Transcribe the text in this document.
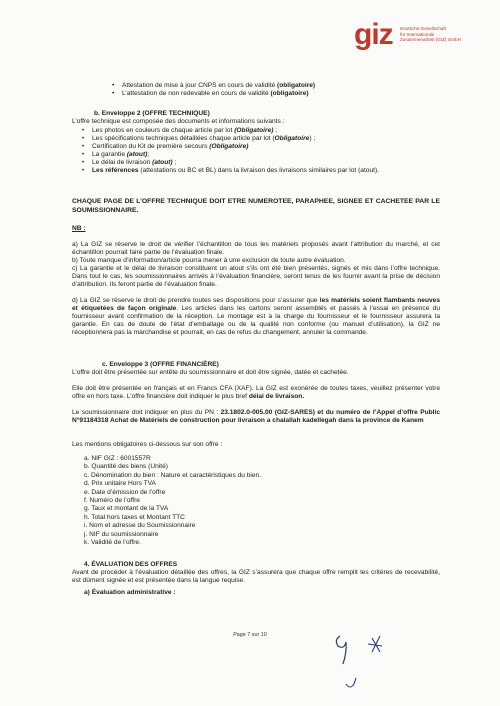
giz Deutsche Gesellschaft
für Internationale
Zusammenarbeit (GIZ) GmbH
• Attestation de mise à jour CNPS en cours de validité (obligatoire)
• L’attestation de non redevable en cours de validité (obligatoire)
b. Enveloppe 2 (OFFRE TECHNIQUE)
L’offre technique est composée des documents et informations suivants :
• Les photos en couleurs de chaque article par lot (Obligatoire) ;
• Les spécifications techniques détaillées chaque article par lot (Obligatoire) ;
• Certification du Kit de première secours (Obligatoire)
• La garantie (atout);
• Le délai de livraison (atout) ;
• Les références (attestations ou BC et BL) dans la livraison des livraisons similaires par lot (atout).
CHAQUE PAGE DE L’OFFRE TECHNIQUE DOIT ETRE NUMEROTEE, PARAPHEE, SIGNEE ET CACHETEE PAR LE SOUMISSIONNAIRE.
NB :
a) La GIZ se réserve le droit de vérifier l’échantillon de tous les matériels proposés avant l’attribution du marché, et cet échantillon pourrait faire partie de l’évaluation finale.
b) Toute manque d’information/article pourra mener à une exclusion de toute autre évaluation.
c) La garantie et le délai de livraison constituent un atout s’ils ont été bien présentés, signés et mis dans l’offre technique. Dans tout le cas, les soumissionnaires arrivés à l’évaluation financière, seront tenus de les fournir avant la prise de décision d’attribution. Ils feront partie de l’évaluation finale.
d) La GIZ se réserve le droit de prendre toutes ses dispositions pour s’assurer que les matériels soient flambants neuves et étiquetées de façon originale. Les articles dans les cartons seront assemblés et passés à l’essai en présence du fournisseur avant confirmation de la réception. Le montage est à la charge du fournisseur et le fournisseur assurera la garantie. En cas de doute de l’état d’emballage ou de la qualité non conforme (ou manuel d’utilisation), la GIZ ne réceptionnera pas la marchandise et pourrait, en cas de refus du changement, annuler la commande.
c. Enveloppe 3 (OFFRE FINANCIÈRE)
L’offre doit être présentée sur entête du soumissionnaire et doit être signée, datée et cachetée.
Elle doit être présentée en français et en Francs CFA (XAF). La GIZ est exonérée de toutes taxes, veuillez présenter votre offre en hors taxe. L’offre financière doit indiquer le plus bref délai de livraison.
Le soumissionnaire doit indiquer en plus du PN : 23.1802.0-005.00 (GIZ-SARES) et du numéro de l’Appel d’offre Public N°91184318 Achat de Matériels de construction pour livraison a chalallah kadellegah dans la province de Kanem
Les mentions obligatoires ci-dessous sur son offre :
a. NIF GIZ : 6001557R
b. Quantité des biens (Unité)
c. Dénomination du bien : Nature et caractéristiques du bien.
d. Prix unitaire Hors TVA
e. Date d’émission de l’offre
f. Numéro de l’offre
g. Taux et montant de la TVA
h. Total hors taxes et Montant TTC
i. Nom et adresse du Soumissionnaire
j. NIF du soumissionnaire
k. Validité de l’offre.
4. ÉVALUATION DES OFFRES
Avant de procéder à l’évaluation détaillée des offres, la GIZ s’assurera que chaque offre remplit les critères de recevabilité, est dûment signée et est présentée dans la langue requise.
a) Évaluation administrative :
Page 7 sur 10
